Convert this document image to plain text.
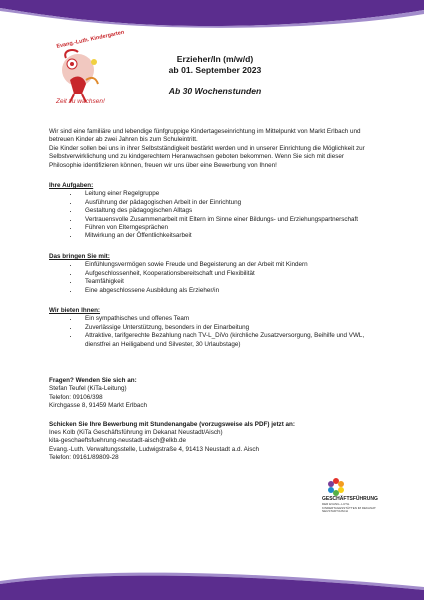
Evang.-Luth. Kindergarten
Zeit zu wachsen!
Erzieher/In (m/w/d)
ab 01. September 2023
Ab 30 Wochenstunden

Wir sind eine familiäre und lebendige fünfgruppige Kindertageseinrichtung im Mittelpunkt von Markt Erlbach und betreuen Kinder ab zwei Jahren bis zum Schuleintritt.

Die Kinder sollen bei uns in ihrer Selbstständigkeit bestärkt werden und in unserer Einrichtung die Möglichkeit zur Selbstverwirklichung und zu kindgerechtem Heranwachsen geboten bekommen. Wenn Sie sich mit dieser Philosophie identifizieren können, freuen wir uns über eine Bewerbung von Ihnen!

Ihre Aufgaben:
• Leitung einer Regelgruppe
• Ausführung der pädagogischen Arbeit in der Einrichtung
• Gestaltung des pädagogischen Alltags
• Vertrauensvolle Zusammenarbeit mit Eltern im Sinne einer Bildungs- und Erziehungspartnerschaft
• Führen von Elterngesprächen
• Mitwirkung an der Öffentlichkeitsarbeit
Das bringen Sie mit:
• Einfühlungsvermögen sowie Freude und Begeisterung an der Arbeit mit Kindern
• Aufgeschlossenheit, Kooperationsbereitschaft und Flexibilität
• Teamfähigkeit
• Eine abgeschlossene Ausbildung als Erzieher/in
Wir bieten Ihnen:
• Ein sympathisches und offenes Team
• Zuverlässige Unterstützung, besonders in der Einarbeitung
• Attraktive, tarifgerechte Bezahlung nach TV-L_DiVo (kirchliche Zusatzversorgung, Beihilfe und VWL, dienstfrei an Heiligabend und Silvester, 30 Urlaubstage)
Fragen? Wenden Sie sich an:
Stefan Teufel (KiTa-Leitung)
Telefon: 09106/398
Kirchgasse 8, 91459 Markt Erlbach
Schicken Sie Ihre Bewerbung mit Stundenangabe (vorzugsweise als PDF) jetzt an:
Ines Kolb (KiTa Geschäftsführung im Dekanat Neustadt/Aisch)
kita-geschaeftsfuehrung-neustadt-aisch@elkb.de
Evang.-Luth. Verwaltungsstelle, Ludwigstraße 4, 91413 Neustadt a.d. Aisch
Telefon: 09161/89809-28
GESCHÄFTSFÜHRUNG
DER EVANG.-LUTH. KINDERTAGESSTÄTTEN IM DEKANAT NEUSTADT/AISCH
